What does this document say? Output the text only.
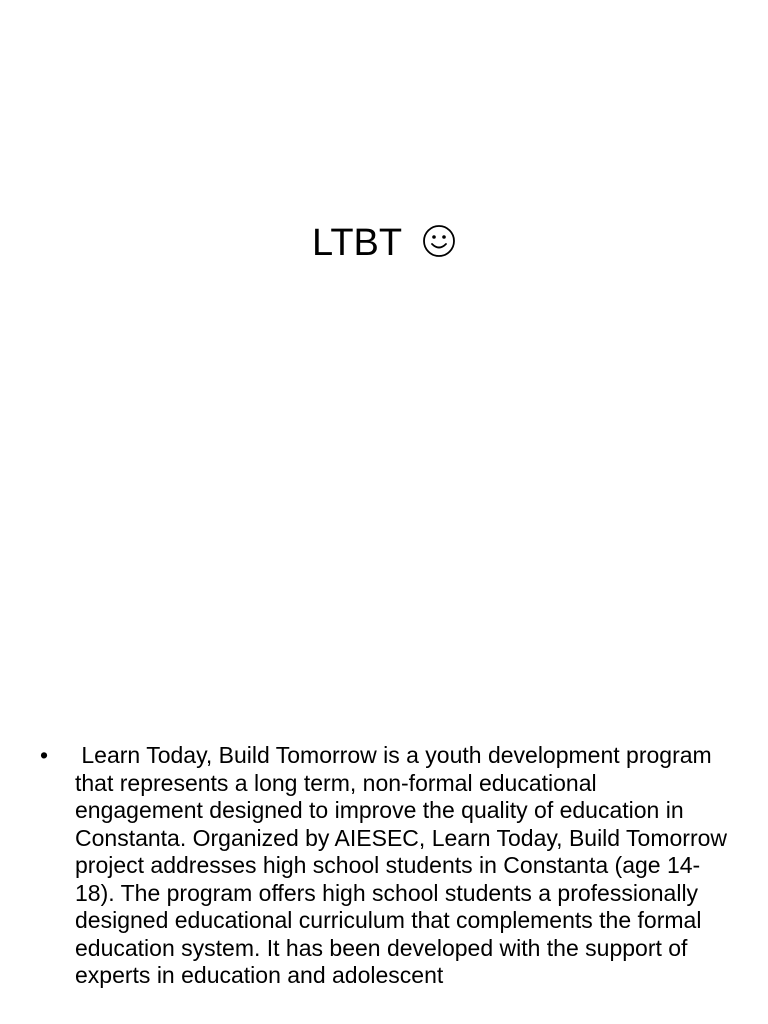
LTBT
• Learn Today, Build Tomorrow is a youth development program that represents a long term, non-formal educational engagement designed to improve the quality of education in Constanta. Organized by AIESEC, Learn Today, Build Tomorrow project addresses high school students in Constanta (age 14-18). The program offers high school students a professionally designed educational curriculum that complements the formal education system. It has been developed with the support of experts in education and adolescent
